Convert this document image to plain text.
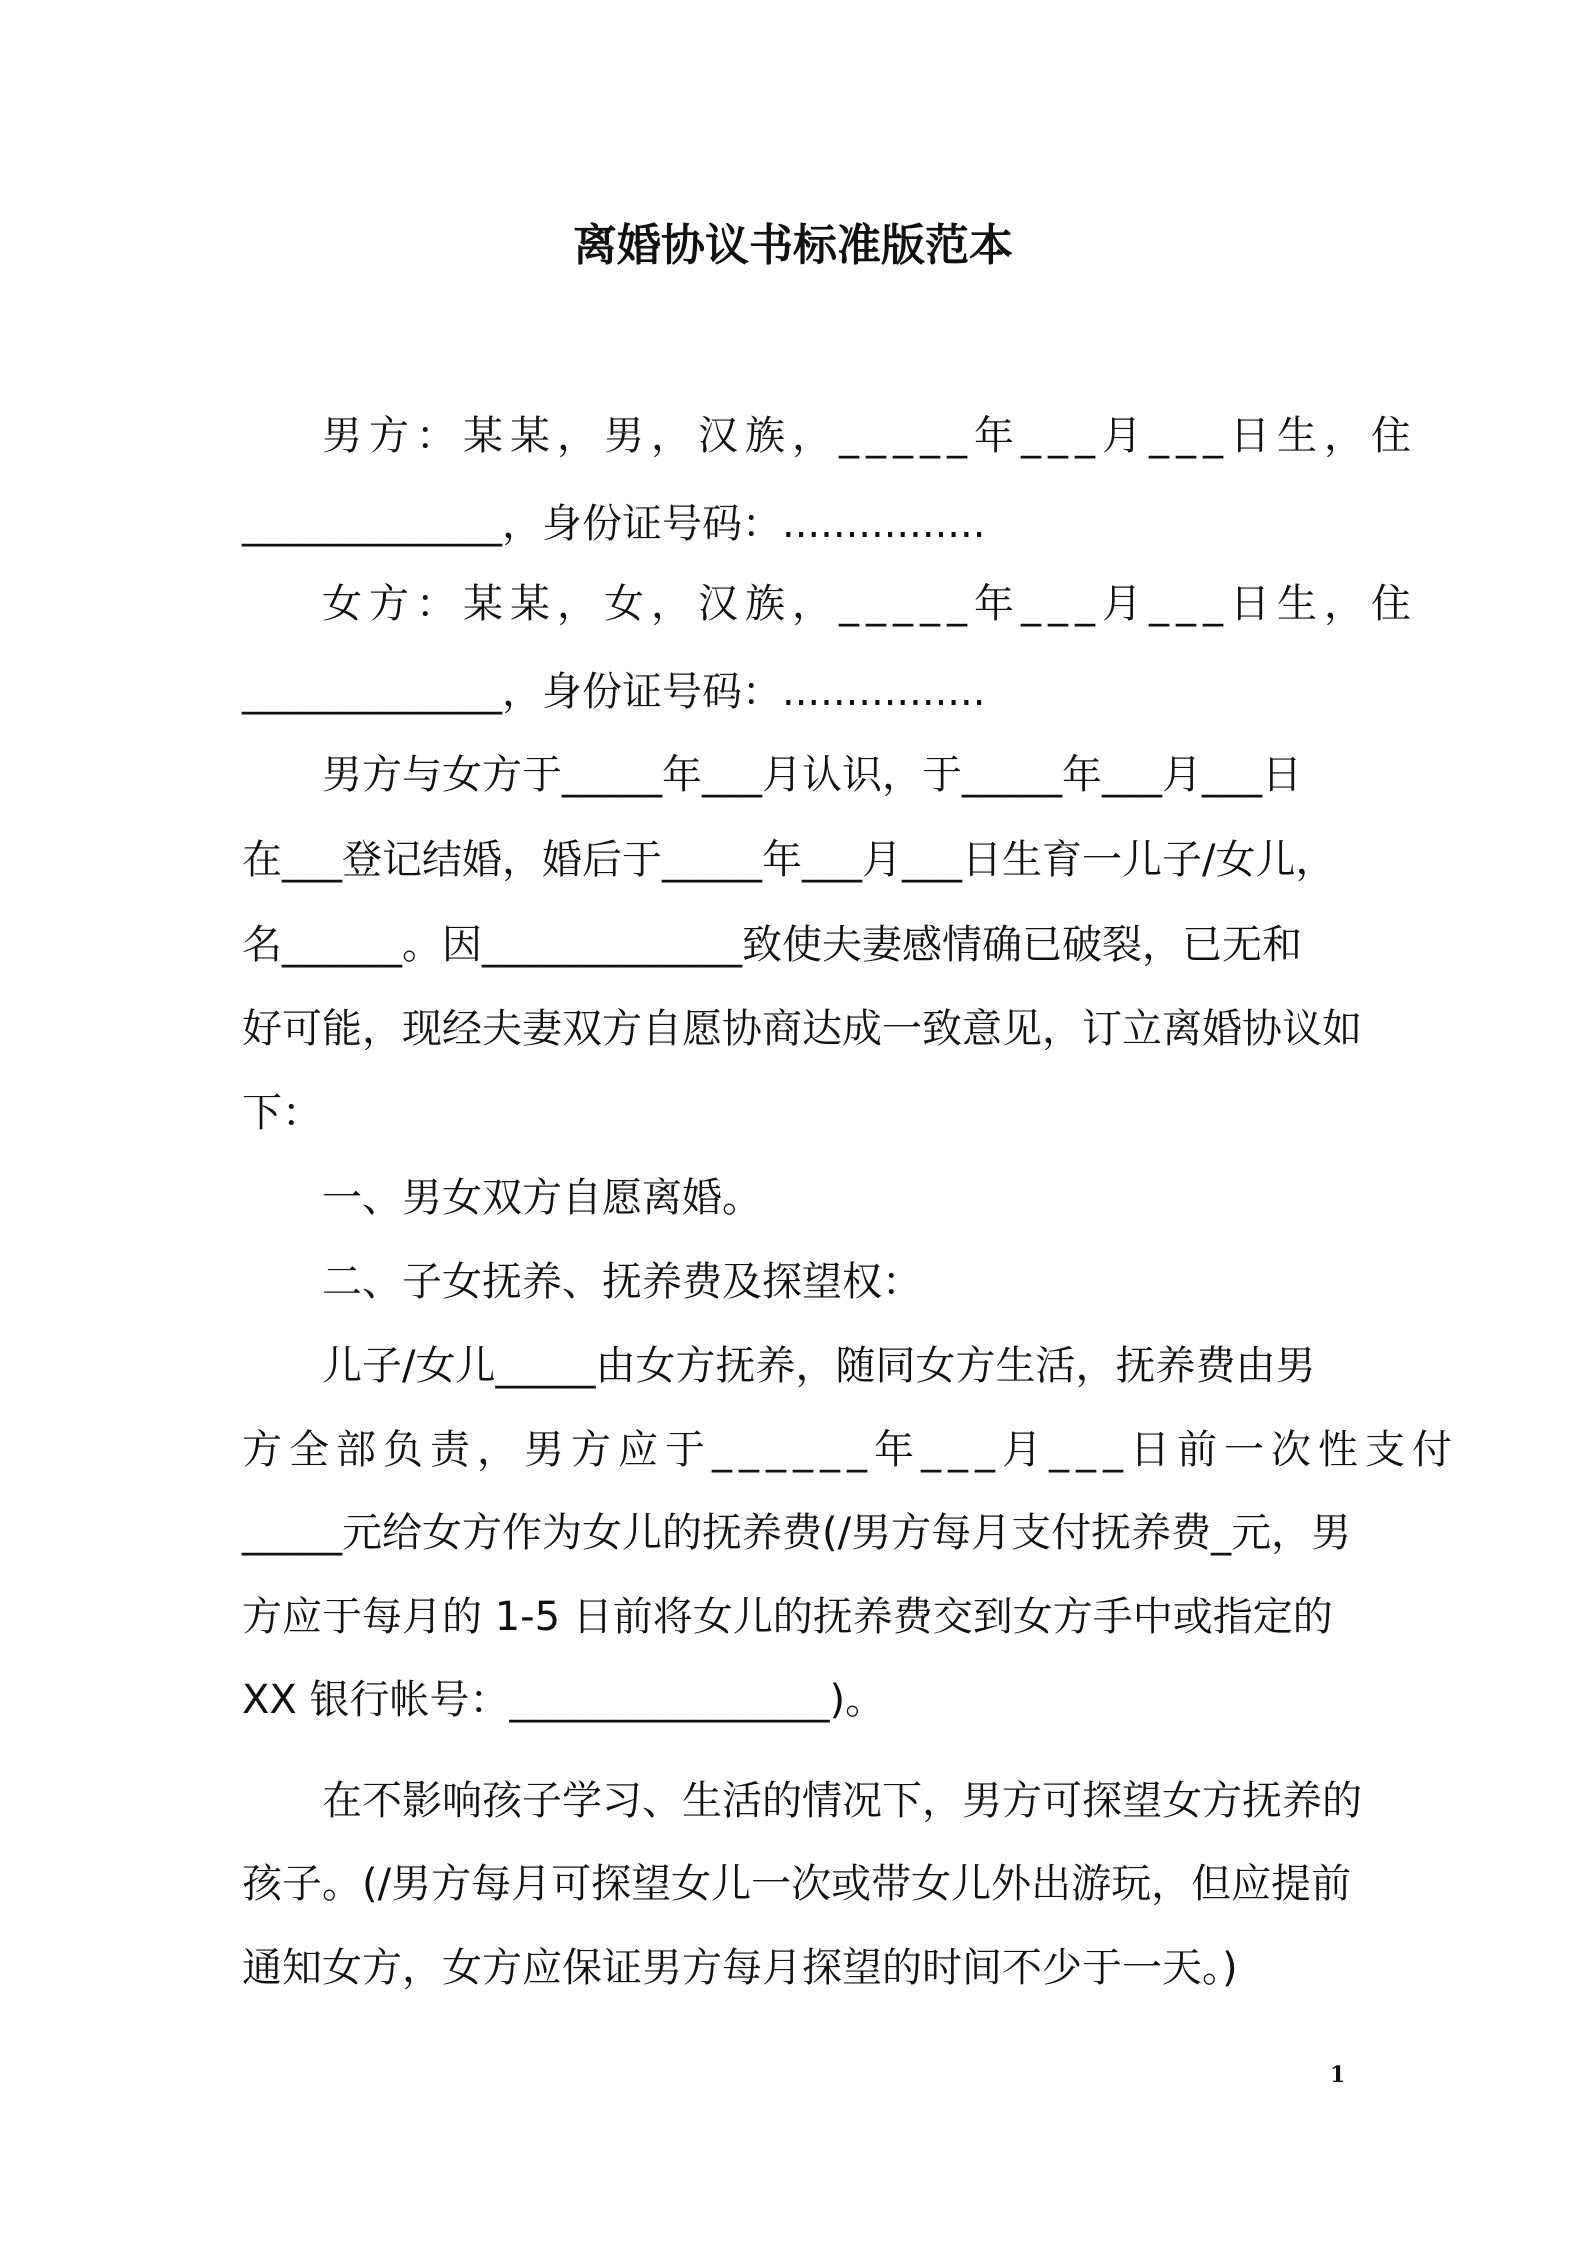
离婚协议书标准版范本
男方：某某，男，汉族，_____年___月___日生，住
_____________，身份证号码：................
女方：某某，女，汉族，_____年___月___日生，住
_____________，身份证号码：................
男方与女方于_____年___月认识，于_____年___月___日
在___登记结婚，婚后于_____年___月___日生育一儿子/女儿，
名______。因_____________致使夫妻感情确已破裂，已无和
好可能，现经夫妻双方自愿协商达成一致意见，订立离婚协议如
下：
一、男女双方自愿离婚。
二、子女抚养、抚养费及探望权：
儿子/女儿_____由女方抚养，随同女方生活，抚养费由男
方全部负责，男方应于______年___月___日前一次性支付
_____元给女方作为女儿的抚养费(/男方每月支付抚养费_元，男
方应于每月的 1-5 日前将女儿的抚养费交到女方手中或指定的
XX 银行帐号：________________)。
在不影响孩子学习、生活的情况下，男方可探望女方抚养的
孩子。(/男方每月可探望女儿一次或带女儿外出游玩，但应提前
通知女方，女方应保证男方每月探望的时间不少于一天。)
1
